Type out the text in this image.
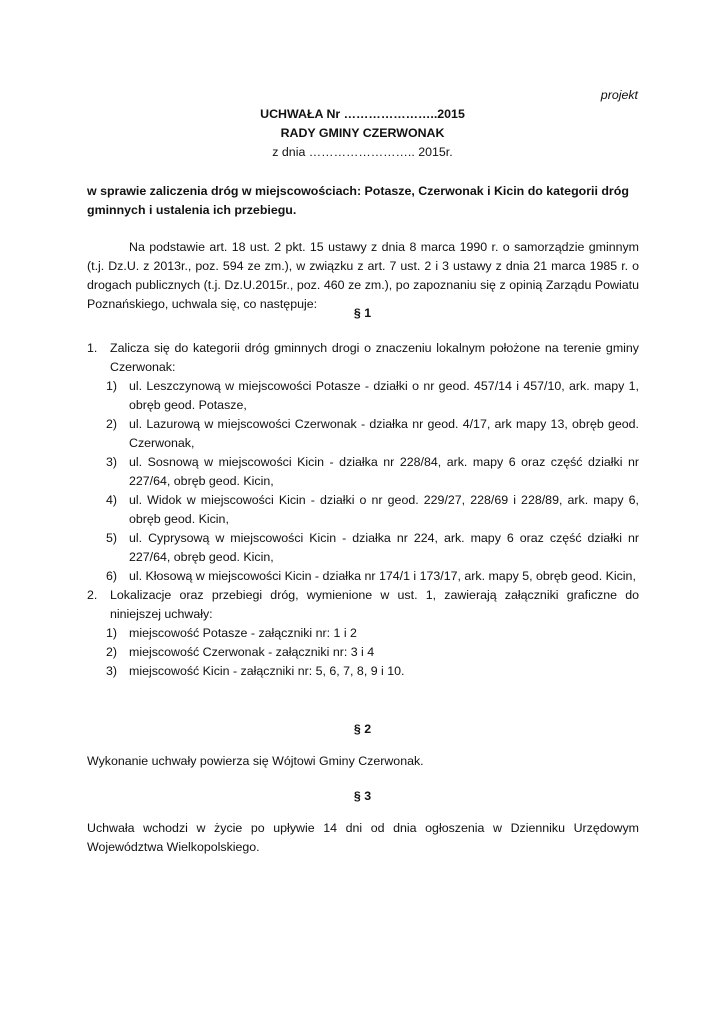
projekt
UCHWAŁA Nr …………………..2015
RADY GMINY CZERWONAK
z dnia …………………….. 2015r.
w sprawie zaliczenia dróg w miejscowościach: Potasze, Czerwonak i Kicin do kategorii dróg gminnych i ustalenia ich przebiegu.
Na podstawie art. 18 ust. 2 pkt. 15 ustawy z dnia 8 marca 1990 r. o samorządzie gminnym (t.j. Dz.U. z 2013r., poz. 594 ze zm.), w związku z art. 7 ust. 2 i 3 ustawy z dnia 21 marca 1985 r. o drogach publicznych (t.j. Dz.U.2015r., poz. 460 ze zm.), po zapoznaniu się z opinią Zarządu Powiatu Poznańskiego, uchwala się, co następuje:
§ 1
1. Zalicza się do kategorii dróg gminnych drogi o znaczeniu lokalnym położone na terenie gminy Czerwonak:
1) ul. Leszczynową w miejscowości Potasze - działki o nr geod. 457/14 i 457/10, ark. mapy 1, obręb geod. Potasze,
2) ul. Lazurową w miejscowości Czerwonak - działka nr geod. 4/17, ark mapy 13, obręb geod. Czerwonak,
3) ul. Sosnową w miejscowości Kicin - działka nr 228/84, ark. mapy 6 oraz część działki nr 227/64, obręb geod. Kicin,
4) ul. Widok w miejscowości Kicin - działki o nr geod. 229/27, 228/69 i 228/89, ark. mapy 6, obręb geod. Kicin,
5) ul. Cyprysową w miejscowości Kicin - działka nr 224, ark. mapy 6 oraz część działki nr 227/64, obręb geod. Kicin,
6) ul. Kłosową w miejscowości Kicin - działka nr 174/1 i 173/17, ark. mapy 5, obręb geod. Kicin,
2. Lokalizacje oraz przebiegi dróg, wymienione w ust. 1, zawierają załączniki graficzne do niniejszej uchwały:
1) miejscowość Potasze - załączniki nr: 1 i 2
2) miejscowość Czerwonak - załączniki nr: 3 i 4
3) miejscowość Kicin - załączniki nr: 5, 6, 7, 8, 9 i 10.
§ 2
Wykonanie uchwały powierza się Wójtowi Gminy Czerwonak.
§ 3
Uchwała wchodzi w życie po upływie 14 dni od dnia ogłoszenia w Dzienniku Urzędowym Województwa Wielkopolskiego.
